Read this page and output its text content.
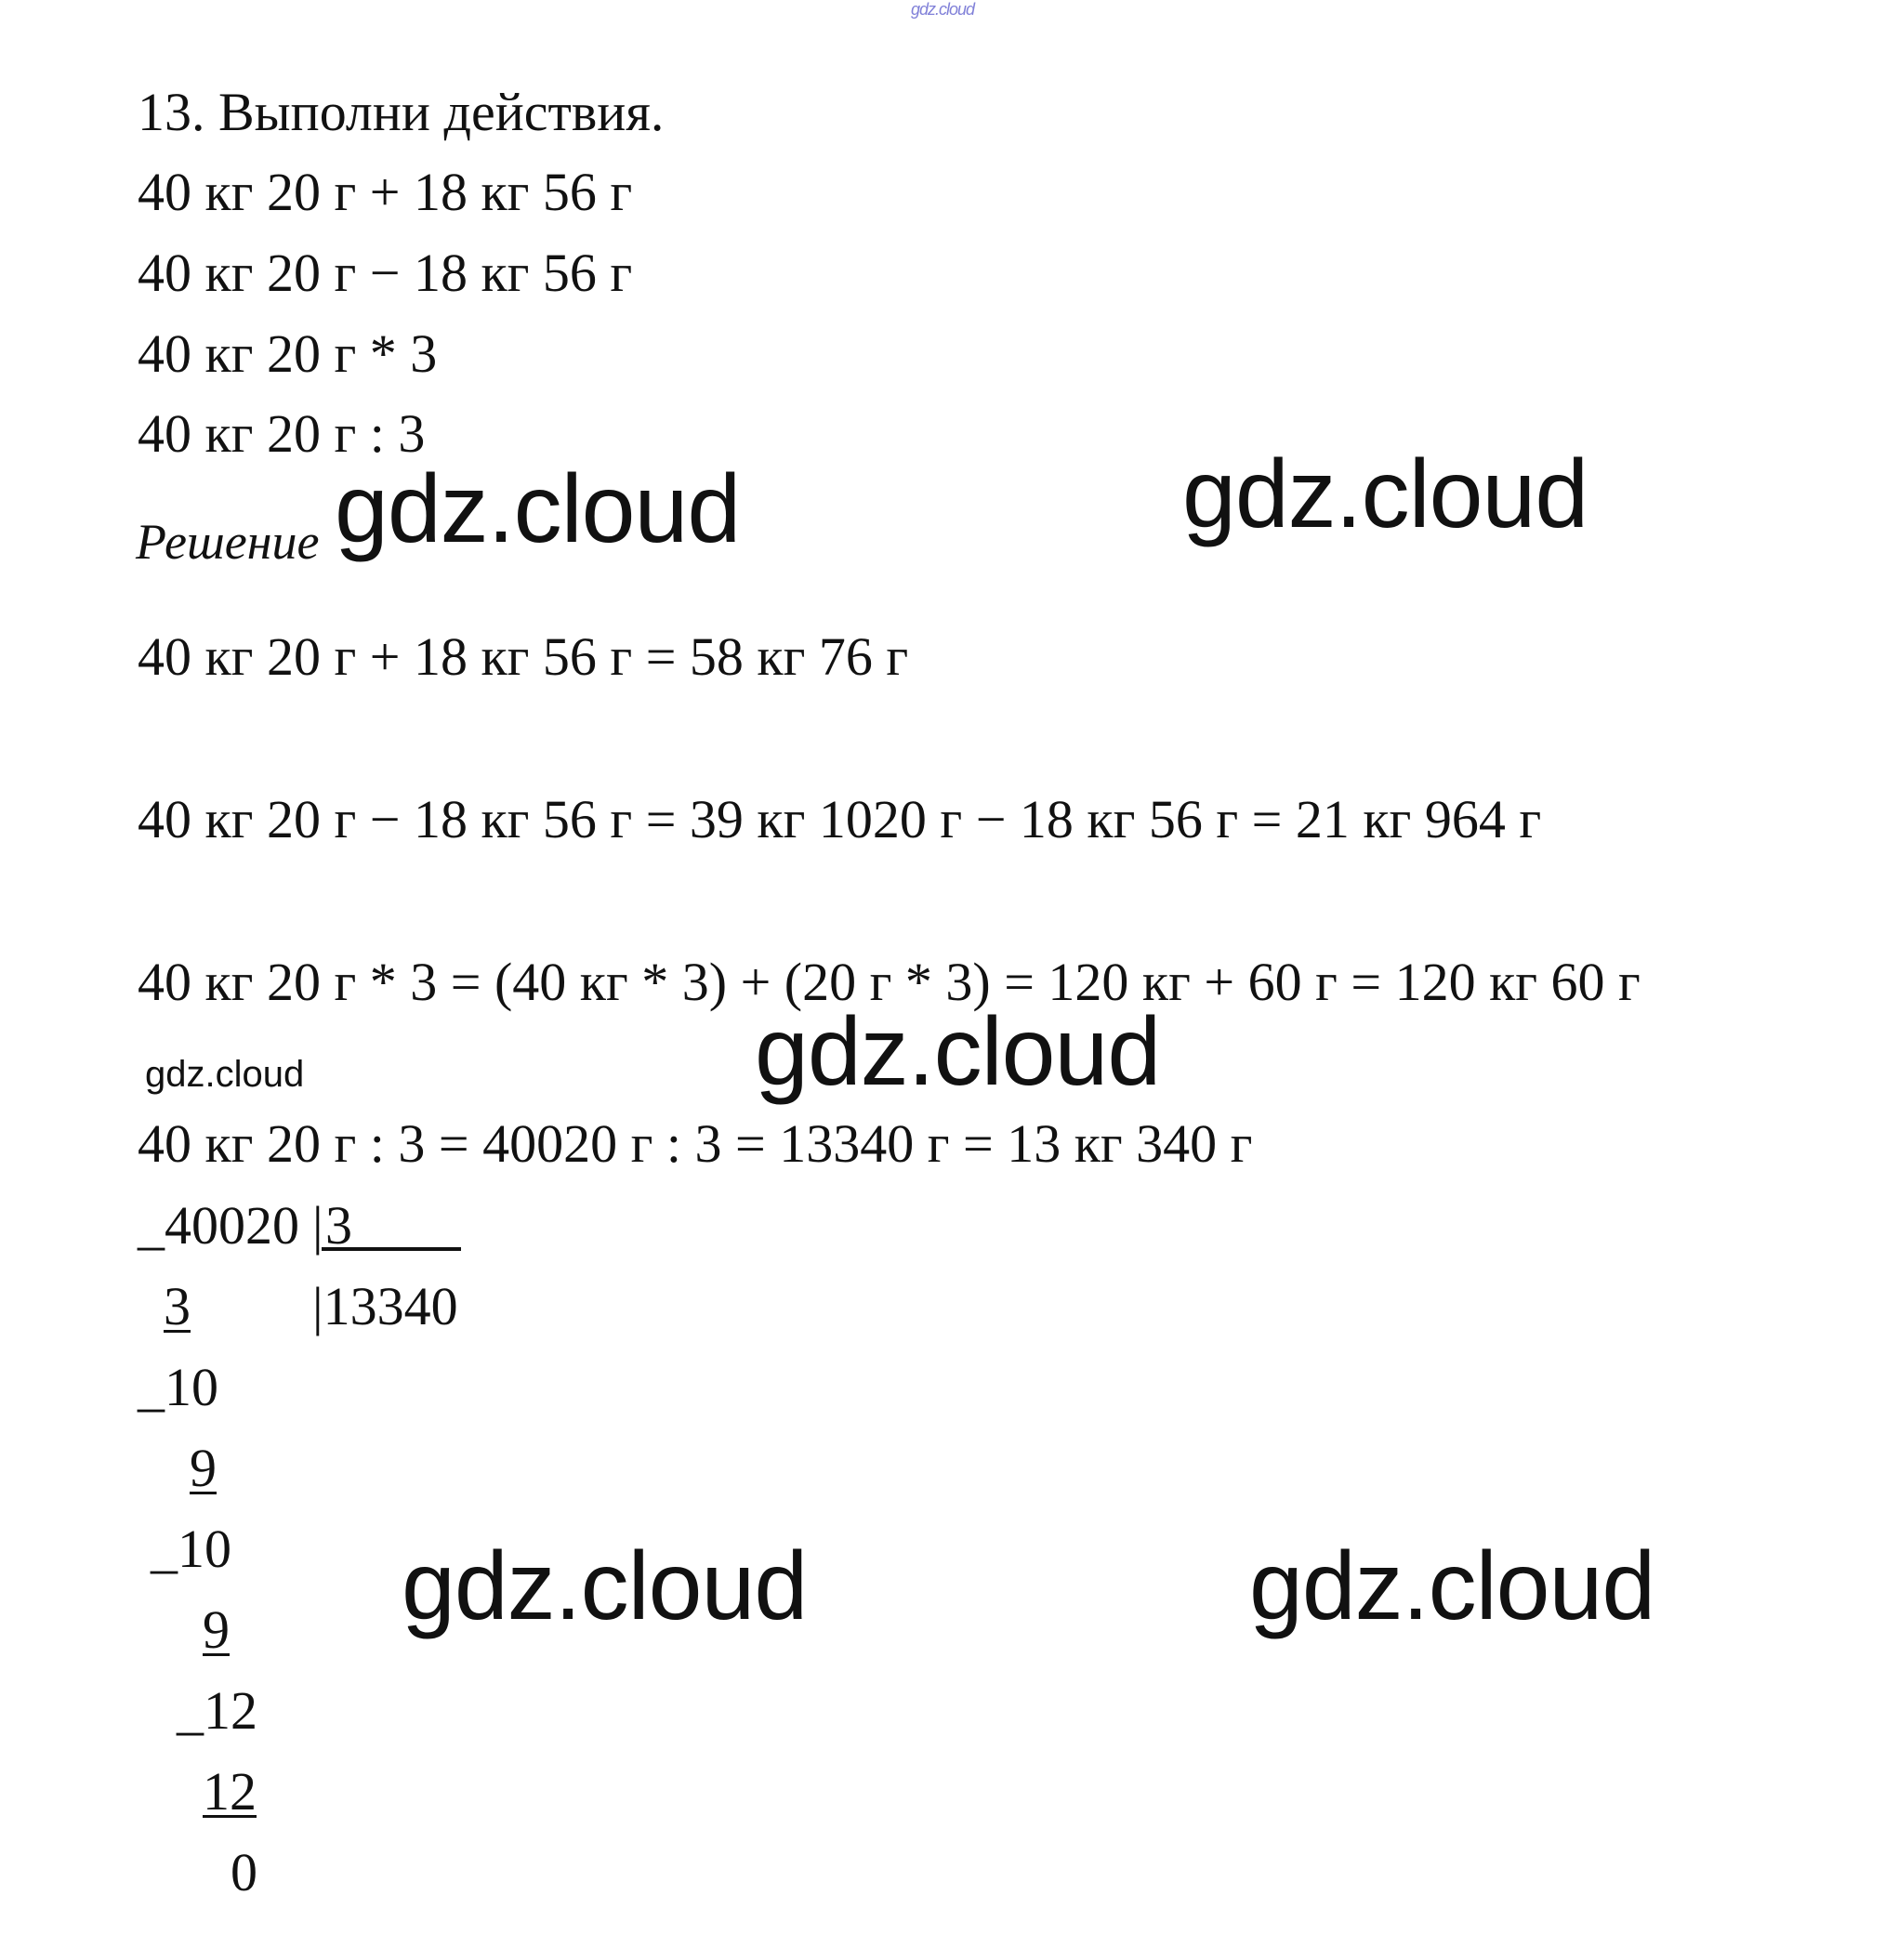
gdz.cloud
13. Выполни действия.
40 кг 20 г + 18 кг 56 г
40 кг 20 г − 18 кг 56 г
40 кг 20 г * 3
40 кг 20 г : 3
Решение
40 кг 20 г + 18 кг 56 г = 58 кг 76 г
40 кг 20 г − 18 кг 56 г = 39 кг 1020 г − 18 кг 56 г = 21 кг 964 г
40 кг 20 г * 3 = (40 кг * 3) + (20 г * 3) = 120 кг + 60 г = 120 кг 60 г
40 кг 20 г : 3 = 40020 г : 3 = 13340 г = 13 кг 340 г
_40020 | 3
3 |13340
_10
9
_10
9
_12
12
0
gdz.cloud	gdz.cloud
gdz.cloud
gdz.cloud
gdz.cloud	gdz.cloud
